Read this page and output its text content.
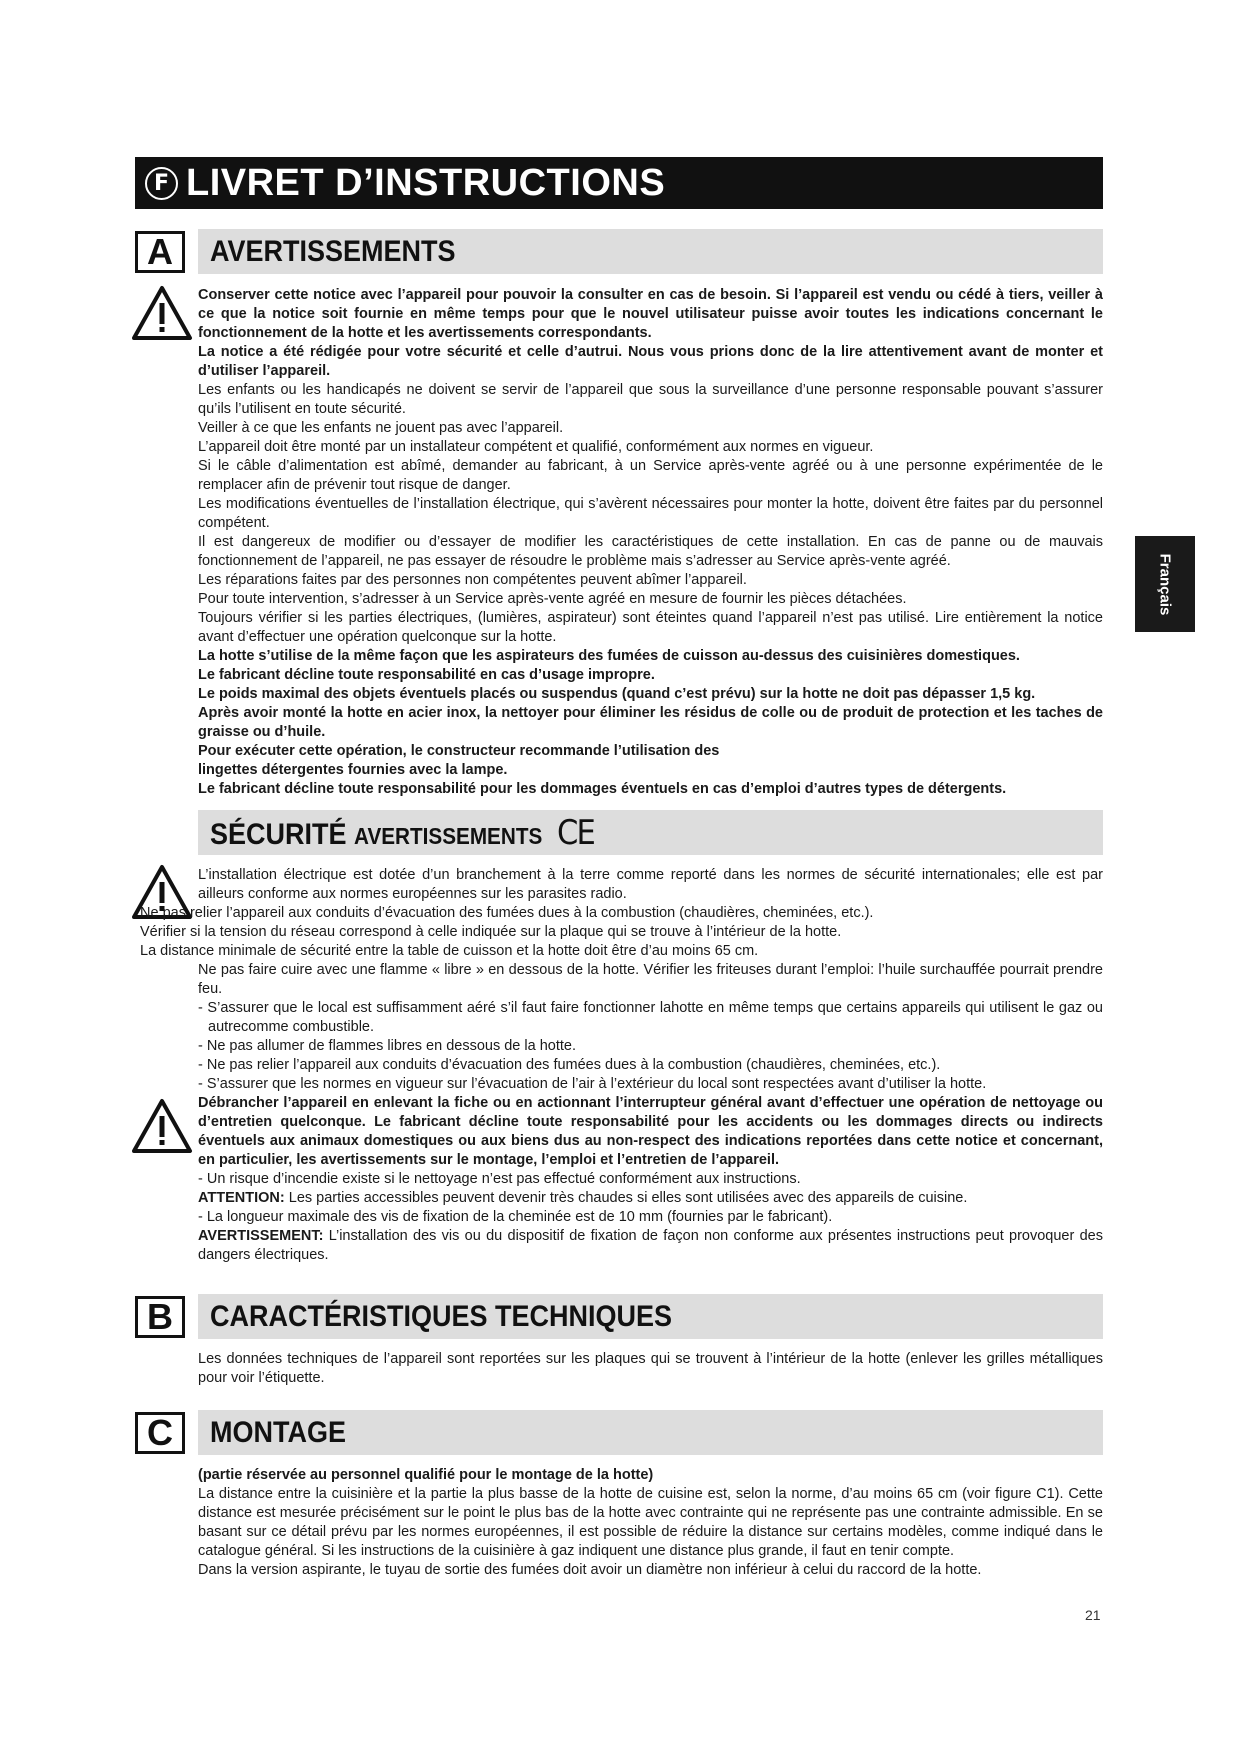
F LIVRET D’INSTRUCTIONS
Français
A	AVERTISSEMENTS

Conserver cette notice avec l’appareil pour pouvoir la consulter en cas de besoin. Si l’appareil est vendu ou cédé à tiers, veiller à ce que la notice soit fournie en même temps pour que le nouvel utilisateur puisse avoir toutes les indications concernant le fonctionnement de la hotte et les avertissements correspondants.

La notice a été rédigée pour votre sécurité et celle d’autrui. Nous vous prions donc de la lire attentivement avant de monter et d’utiliser l’appareil.

Les enfants ou les handicapés ne doivent se servir de l’appareil que sous la surveillance d’une personne responsable pouvant s’assurer qu’ils l’utilisent en toute sécurité.

Veiller à ce que les enfants ne jouent pas avec l’appareil.

L’appareil doit être monté par un installateur compétent et qualifié, conformément aux normes en vigueur.

Si le câble d’alimentation est abîmé, demander au fabricant, à un Service après-vente agréé ou à une personne expérimentée de le remplacer afin de prévenir tout risque de danger.

Les modifications éventuelles de l’installation électrique, qui s’avèrent nécessaires pour monter la hotte, doivent être faites par du personnel compétent.

Il est dangereux de modifier ou d’essayer de modifier les caractéristiques de cette installation. En cas de panne ou de mauvais fonctionnement de l’appareil, ne pas essayer de résoudre le problème mais s’adresser au Service après-vente agréé.

Les réparations faites par des personnes non compétentes peuvent abîmer l’appareil.

Pour toute intervention, s’adresser à un Service après-vente agréé en mesure de fournir les pièces détachées.

Toujours vérifier si les parties électriques, (lumières, aspirateur) sont éteintes quand l’appareil n’est pas utilisé. Lire entièrement la notice avant d’effectuer une opération quelconque sur la hotte.

La hotte s’utilise de la même façon que les aspirateurs des fumées de cuisson au-dessus des cuisinières domestiques.

Le fabricant décline toute responsabilité en cas d’usage impropre.

Le poids maximal des objets éventuels placés ou suspendus (quand c’est prévu) sur la hotte ne doit pas dépasser 1,5 kg.

Après avoir monté la hotte en acier inox, la nettoyer pour éliminer les résidus de colle ou de produit de protection et les taches de graisse ou d’huile.

Pour exécuter cette opération, le constructeur recommande l’utilisation des

lingettes détergentes fournies avec la lampe.

Le fabricant décline toute responsabilité pour les dommages éventuels en cas d’emploi d’autres types de détergents.

SÉCURITÉ AVERTISSEMENTS CE

L’installation électrique est dotée d’un branchement à la terre comme reporté dans les normes de sécurité internationales; elle est par ailleurs conforme aux normes européennes sur les parasites radio.

Ne pas relier l’appareil aux conduits d’évacuation des fumées dues à la combustion (chaudières, cheminées, etc.).

Vérifier si la tension du réseau correspond à celle indiquée sur la plaque qui se trouve à l’intérieur de la hotte.

La distance minimale de sécurité entre la table de cuisson et la hotte doit être d’au moins 65 cm.

Ne pas faire cuire avec une flamme « libre » en dessous de la hotte. Vérifier les friteuses durant l’emploi: l’huile surchauffée pourrait prendre feu.

- S’assurer que le local est suffisamment aéré s’il faut faire fonctionner lahotte en même temps que certains appareils qui utilisent le gaz ou autrecomme combustible.

- Ne pas allumer de flammes libres en dessous de la hotte.

- Ne pas relier l’appareil aux conduits d’évacuation des fumées dues à la combustion (chaudières, cheminées, etc.).

- S’assurer que les normes en vigueur sur l’évacuation de l’air à l’extérieur du local sont respectées avant d’utiliser la hotte.

Débrancher l’appareil en enlevant la fiche ou en actionnant l’interrupteur général avant d’effectuer une opération de nettoyage ou d’entretien quelconque. Le fabricant décline toute responsabilité pour les accidents ou les dommages directs ou indirects éventuels aux animaux domestiques ou aux biens dus au non-respect des indications reportées dans cette notice et concernant, en particulier, les avertissements sur le montage, l’emploi et l’entretien de l’appareil.

- Un risque d’incendie existe si le nettoyage n’est pas effectué conformément aux instructions.

ATTENTION: Les parties accessibles peuvent devenir très chaudes si elles sont utilisées avec des appareils de cuisine.

- La longueur maximale des vis de fixation de la cheminée est de 10 mm (fournies par le fabricant).

AVERTISSEMENT: L’installation des vis ou du dispositif de fixation de façon non conforme aux présentes instructions peut provoquer des dangers électriques.

B	CARACTÉRISTIQUES TECHNIQUES

Les données techniques de l’appareil sont reportées sur les plaques qui se trouvent à l’intérieur de la hotte (enlever les grilles métalliques pour voir l’étiquette.

C	MONTAGE

(partie réservée au personnel qualifié pour le montage de la hotte)

La distance entre la cuisinière et la partie la plus basse de la hotte de cuisine est, selon la norme, d’au moins 65 cm (voir figure C1). Cette distance est mesurée précisément sur le point le plus bas de la hotte avec contrainte qui ne représente pas une contrainte admissible. En se basant sur ce détail prévu par les normes européennes, il est possible de réduire la distance sur certains modèles, comme indiqué dans le catalogue général. Si les instructions de la cuisinière à gaz indiquent une distance plus grande, il faut en tenir compte.

Dans la version aspirante, le tuyau de sortie des fumées doit avoir un diamètre non inférieur à celui du raccord de la hotte.

21
